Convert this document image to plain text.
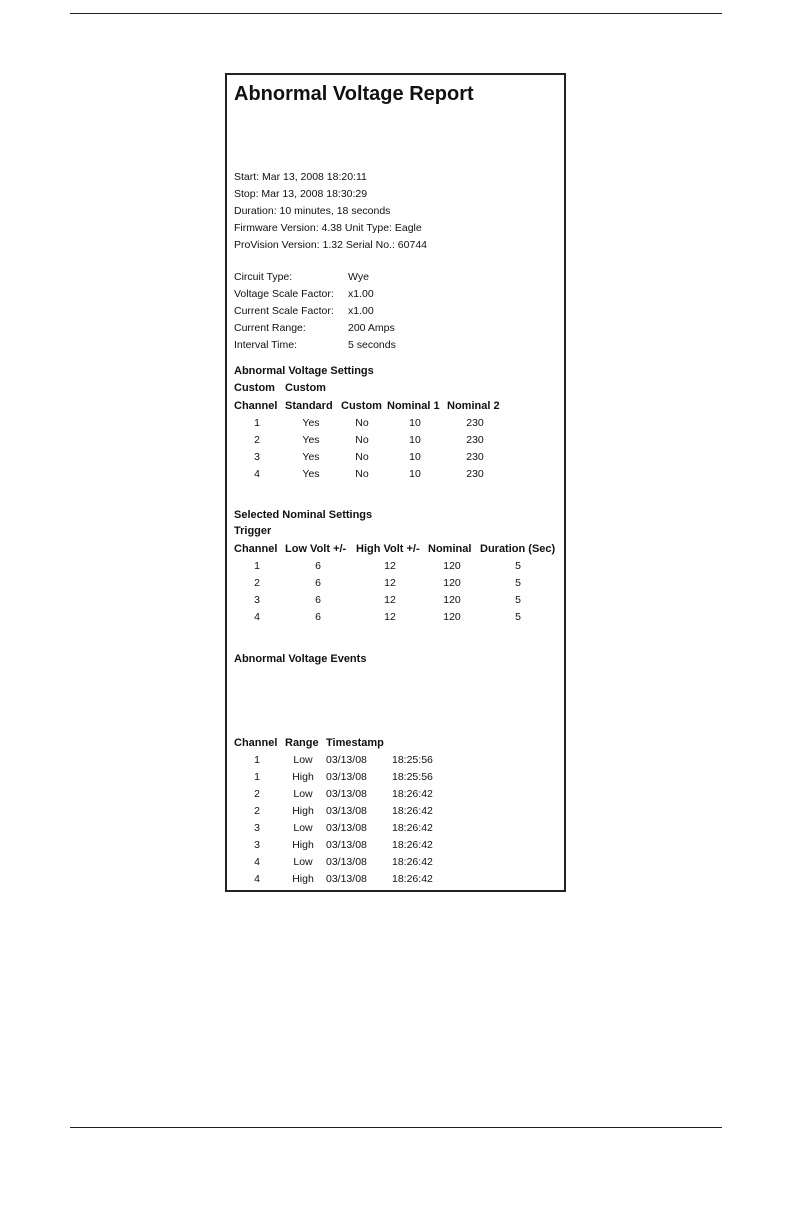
Abnormal Voltage Report
Start: Mar 13, 2008 18:20:11
Stop: Mar 13, 2008 18:30:29
Duration: 10 minutes, 18 seconds
Firmware Version: 4.38 Unit Type: Eagle
ProVision Version: 1.32 Serial No.: 60744
Circuit Type:	Wye
Voltage Scale Factor: x1.00
Current Scale Factor: x1.00
Current Range:	200 Amps
Interval Time:	5 seconds
Abnormal Voltage Settings
Custom Custom
Channel Standard Custom Nominal 1 Nominal 2
1	Yes	No	10	230
2	Yes	No	10	230
3	Yes	No	10	230
4	Yes	No	10	230
Selected Nominal Settings
Trigger
Channel Low Volt +/- High Volt +/- Nominal Duration (Sec)
1	6	12	120	5
2	6	12	120	5
3	6	12	120	5
4	6	12	120	5
Abnormal Voltage Events
Channel Range Timestamp
1	Low	03/13/08 18:25:56
1	High	03/13/08 18:25:56
2	Low	03/13/08 18:26:42
2	High	03/13/08 18:26:42
3	Low	03/13/08 18:26:42
3	High	03/13/08 18:26:42
4	Low	03/13/08 18:26:42
4	High	03/13/08 18:26:42
